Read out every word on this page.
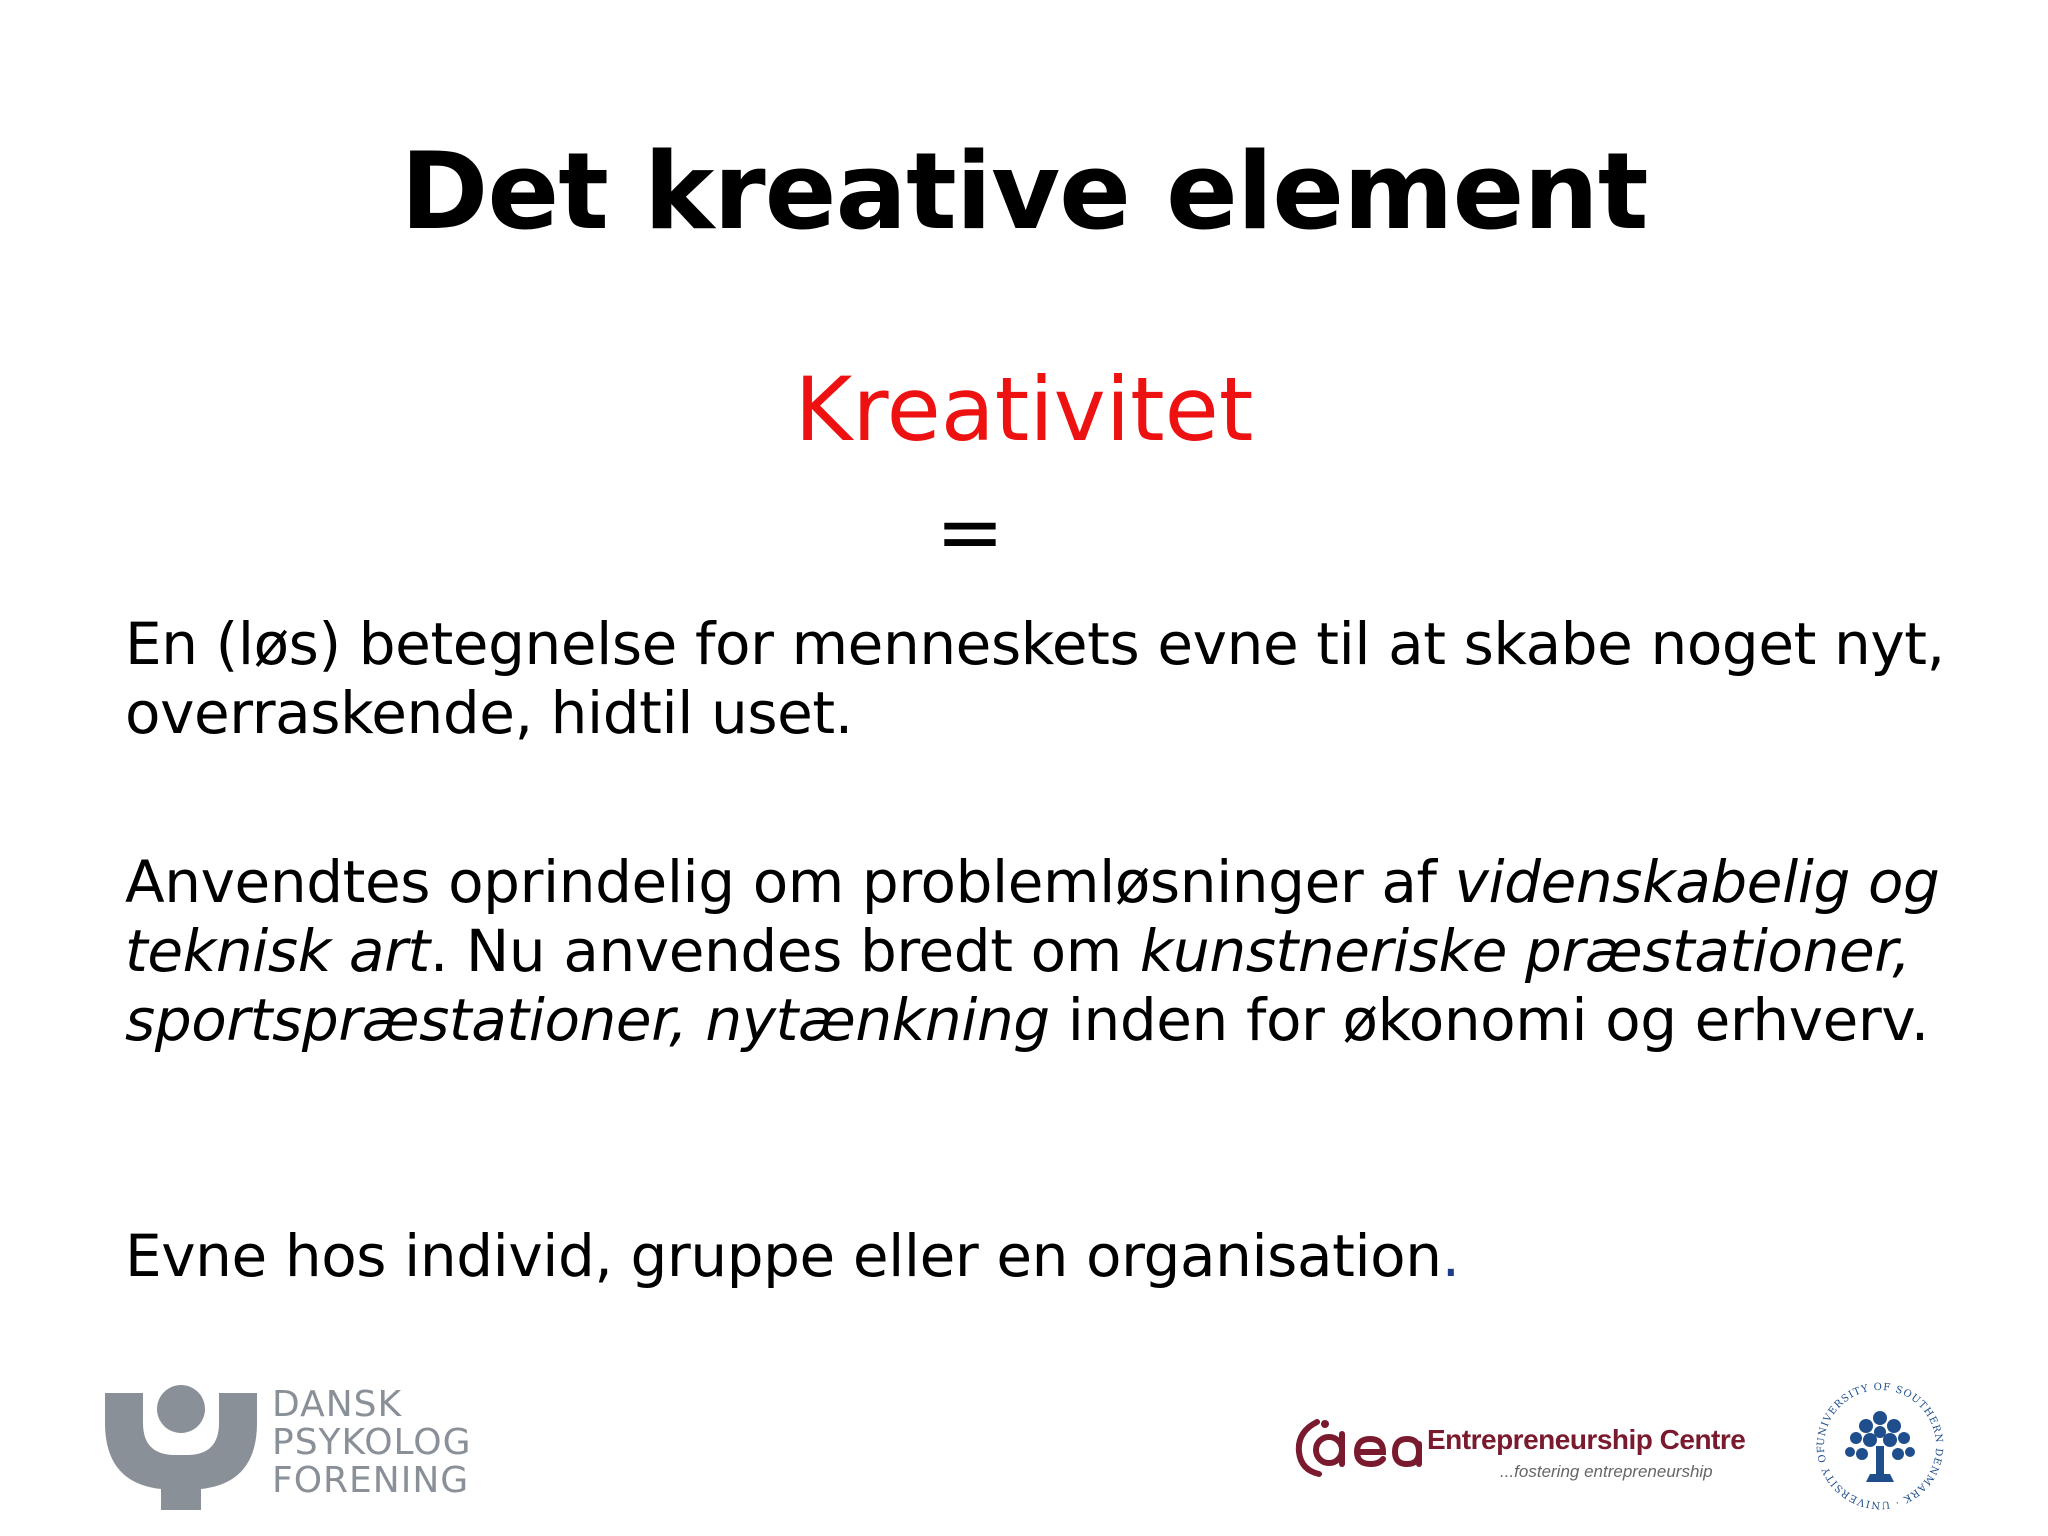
Det kreative element
Kreativitet
=
En (løs) betegnelse for menneskets evne til at skabe noget nyt, overraskende, hidtil uset.
Anvendtes oprindelig om problemløsninger af videnskabelig og teknisk art. Nu anvendes bredt om kunstneriske præstationer, sportspræstationer, nytænkning inden for økonomi og erhverv.
Evne hos individ, gruppe eller en organisation.
DANSK
PSYKOLOG
FORENING
Entrepreneurship Centre
...fostering entrepreneurship
UNIVERSITY OF SOUTHERN DENMARK · UNIVERSITY OF
